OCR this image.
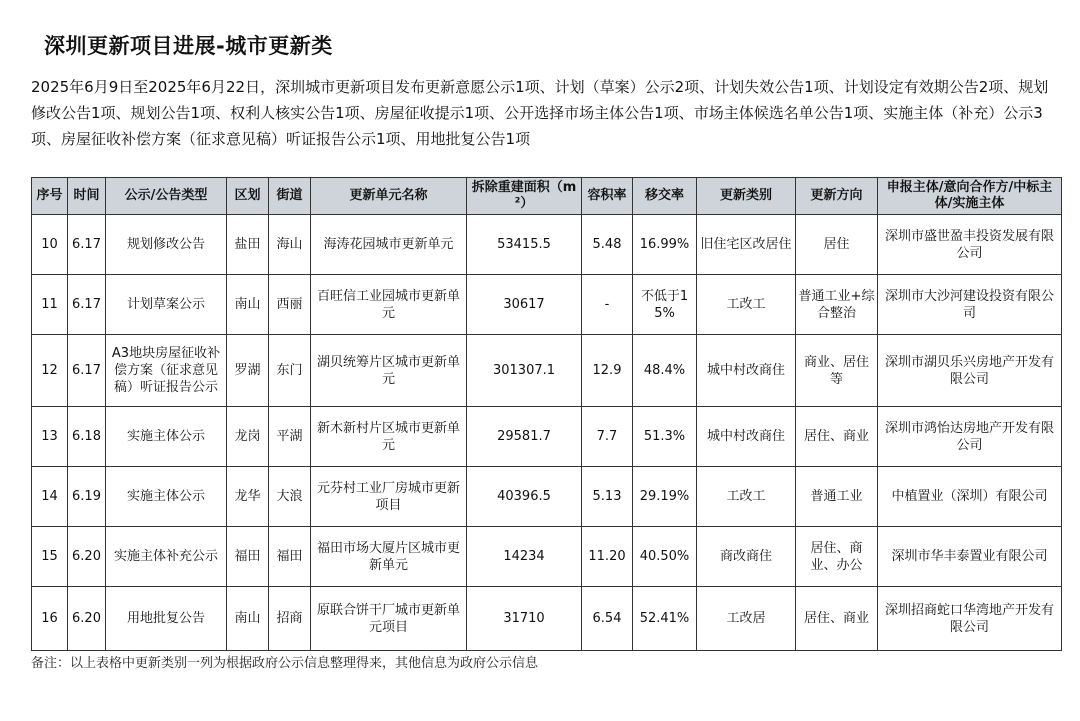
深圳更新项目进展-城市更新类
2025年6月9日至2025年6月22日，深圳城市更新项目发布更新意愿公示1项、计划（草案）公示2项、计划失效公告1项、计划设定有效期公告2项、规划修改公告1项、规划公告1项、权利人核实公告1项、房屋征收提示1项、公开选择市场主体公告1项、市场主体候选名单公告1项、实施主体（补充）公示3项、房屋征收补偿方案（征求意见稿）听证报告公示1项、用地批复公告1项
序号	时间	公示/公告类型	区划	街道	更新单元名称	拆除重建面积（m²）	容积率	移交率	更新类别	更新方向	申报主体/意向合作方/中标主体/实施主体
10	6.17	规划修改公告	盐田	海山	海涛花园城市更新单元	53415.5	5.48	16.99%	旧住宅区改居住	居住	深圳市盛世盈丰投资发展有限公司
11	6.17	计划草案公示	南山	西丽	百旺信工业园城市更新单元	30617	-	不低于15%	工改工	普通工业+综合整治	深圳市大沙河建设投资有限公司
12	6.17	A3地块房屋征收补偿方案（征求意见稿）听证报告公示	罗湖	东门	湖贝统筹片区城市更新单元	301307.1	12.9	48.4%	城中村改商住	商业、居住等	深圳市湖贝乐兴房地产开发有限公司
13	6.18	实施主体公示	龙岗	平湖	新木新村片区城市更新单元	29581.7	7.7	51.3%	城中村改商住	居住、商业	深圳市鸿怡达房地产开发有限公司
14	6.19	实施主体公示	龙华	大浪	元芬村工业厂房城市更新项目	40396.5	5.13	29.19%	工改工	普通工业	中植置业（深圳）有限公司
15	6.20	实施主体补充公示	福田	福田	福田市场大厦片区城市更新单元	14234	11.20	40.50%	商改商住	居住、商业、办公	深圳市华丰泰置业有限公司
16	6.20	用地批复公告	南山	招商	原联合饼干厂城市更新单元项目	31710	6.54	52.41%	工改居	居住、商业	深圳招商蛇口华湾地产开发有限公司
备注：以上表格中更新类别一列为根据政府公示信息整理得来，其他信息为政府公示信息
